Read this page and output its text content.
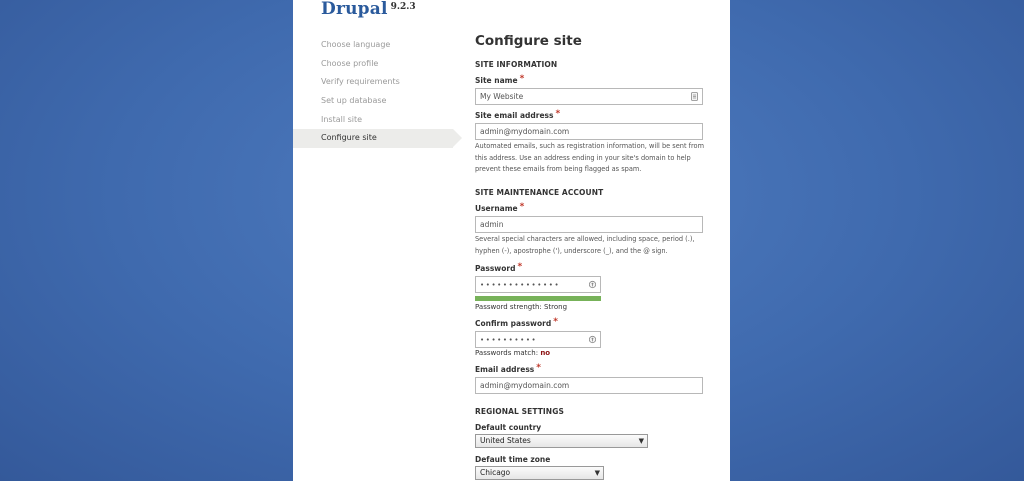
Drupal $^{9.2.3}$
Choose language
Choose profile
Verify requirements
Set up database
Install site
Configure site
Configure site
SITE INFORMATION
Site name *
My Website
Site email address *
admin@mydomain.com
Automated emails, such as registration information, will be sent from this address. Use an address ending in your site's domain to help prevent these emails from being flagged as spam.
SITE MAINTENANCE ACCOUNT
Username *
admin
Several special characters are allowed, including space, period (.), hyphen (-), apostrophe ('), underscore (_), and the @ sign.
Password *
••••••••••••••
Password strength: Strong
Confirm password *
••••••••••
Passwords match: no
Email address *
admin@mydomain.com
REGIONAL SETTINGS
Default country
United States	▼
Default time zone
Chicago	▼
